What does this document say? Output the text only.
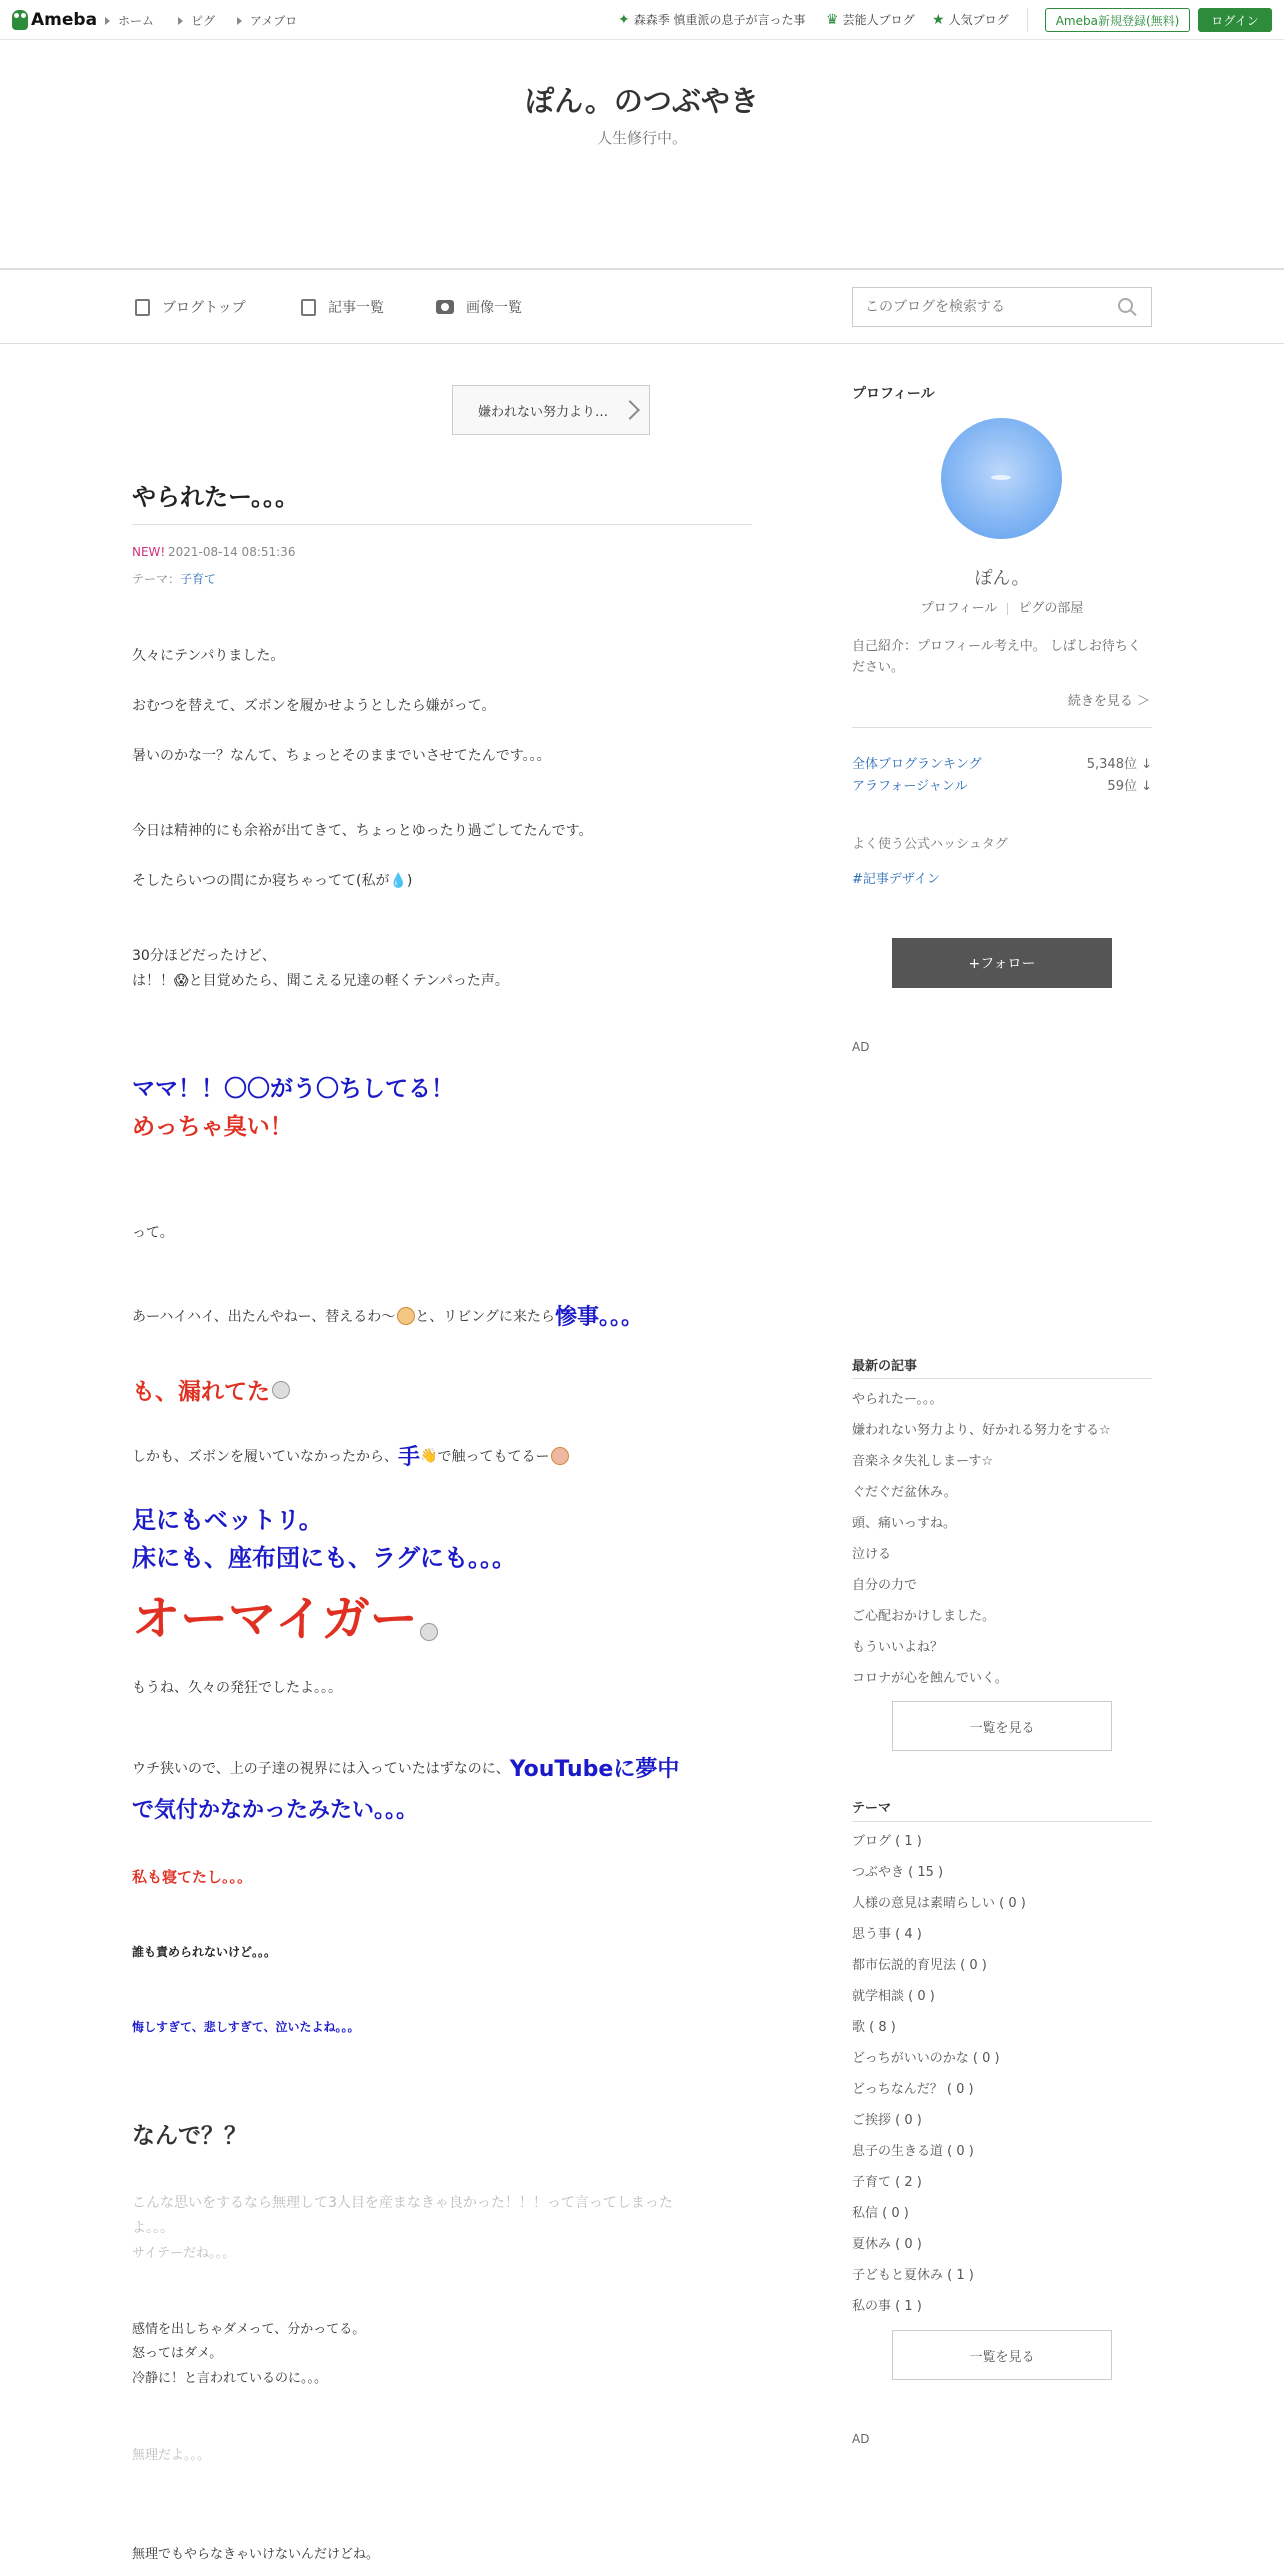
Ameba ホーム	ピグ	アメブロ	✦ 森森季 慎重派の息子が言った事 ♛ 芸能人ブログ ★ 人気ブログ	Ameba新規登録(無料)	ログイン
ぽん。のつぶやき
人生修行中。
ブログトップ	記事一覧	画像一覧
このブログを検索する
嫌われない努力より…
やられたー。。。
NEW! 2021-08-14 08:51:36
テーマ：子育て
久々にテンパりました。
おむつを替えて、ズボンを履かせようとしたら嫌がって。
暑いのかな一？なんて、ちょっとそのままでいさせてたんです。。。
今日は精神的にも余裕が出てきて、ちょっとゆったり過ごしてたんです。
そしたらいつの間にか寝ちゃってて(私が💧)
30分ほどだったけど、
は！！😱と目覚めたら、聞こえる兄達の軽くテンパった声。
ママ！！〇〇がう〇ちしてる！
めっちゃ臭い！
って。
あーハイハイ、出たんやねー、替えるわ〜 と、リビングに来たら 惨事。。。
も、漏れてた
しかも、ズボンを履いていなかったから、 手 👋 で触ってもてるー
足にもベットリ。
床にも、座布団にも、ラグにも。。。
オーマイガー
もうね、久々の発狂でしたよ。。。
ウチ狭いので、上の子達の視界には入っていたはずなのに、 YouTubeに夢中
で気付かなかったみたい。。。
私も寝てたし。。。
誰も責められないけど。。。
悔しすぎて、悲しすぎて、泣いたよね。。。
なんで？？
こんな思いをするなら無理して3人目を産まなきゃ良かった！！！って言ってしまった
よ。。。
サイテーだね。。。
感情を出しちゃダメって、分かってる。
怒ってはダメ。
冷静に！と言われているのに。。。
無理だよ。。。
無理でもやらなきゃいけないんだけどね。
プロフィール
ぽん。
プロフィール ピグの部屋
自己紹介：プロフィール考え中。 しばしお待ちください。
続きを見る ＞
全体ブログランキング	5,348位 ↓
アラフォージャンル	59位 ↓
よく使う公式ハッシュタグ
#記事デザイン
+フォロー
AD
最新の記事
やられたー。。。
嫌われない努力より、好かれる努力をする☆
音楽ネタ失礼しまーす☆
ぐだぐだ盆休み。
頭、痛いっすね。
泣ける
自分の力で
ご心配おかけしました。
もういいよね？
コロナが心を蝕んでいく。
一覧を見る
テーマ
ブログ ( 1 )
つぶやき ( 15 )
人様の意見は素晴らしい ( 0 )
思う事 ( 4 )
都市伝説的育児法 ( 0 )
就学相談 ( 0 )
歌 ( 8 )
どっちがいいのかな ( 0 )
どっちなんだ？ ( 0 )
ご挨拶 ( 0 )
息子の生きる道 ( 0 )
子育て ( 2 )
私信 ( 0 )
夏休み ( 0 )
子どもと夏休み ( 1 )
私の事 ( 1 )
一覧を見る
AD
